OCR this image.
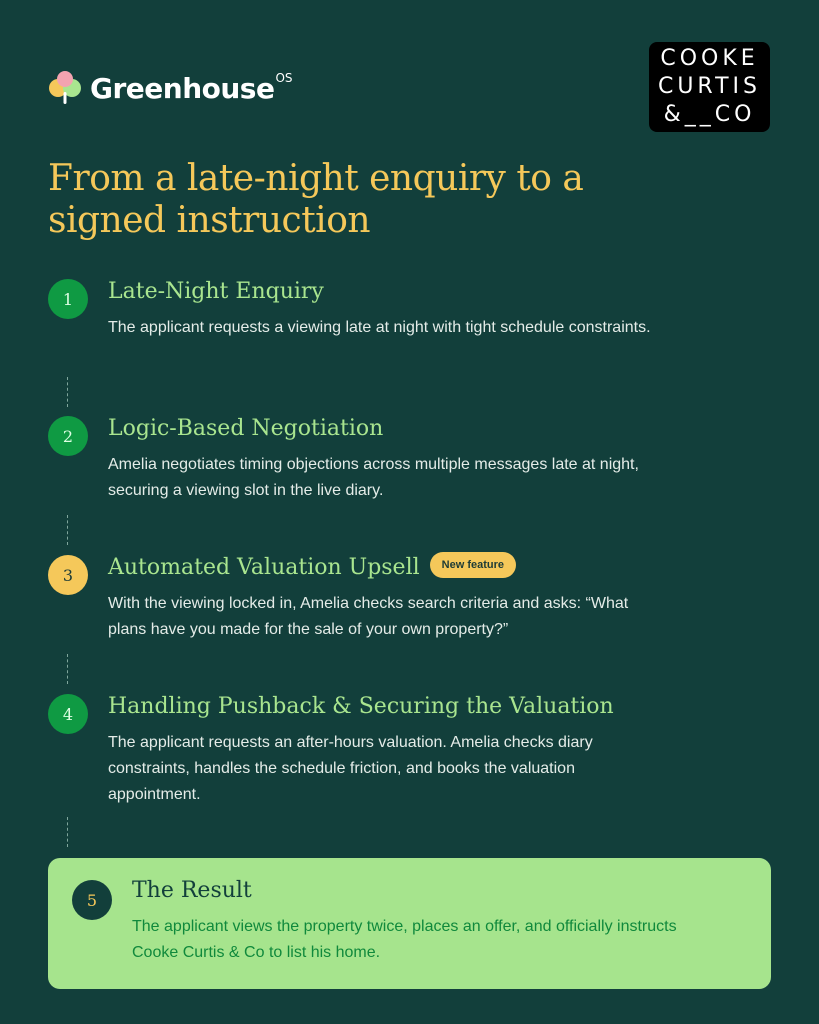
Greenhouse OS
COOKE
CURTIS
&__CO
From a late-night enquiry to a signed instruction
1	Late-Night Enquiry
The applicant requests a viewing late at night with tight schedule constraints.
2	Logic-Based Negotiation
Amelia negotiates timing objections across multiple messages late at night, securing a viewing slot in the live diary.
3	Automated Valuation Upsell New feature
With the viewing locked in, Amelia checks search criteria and asks: “What plans have you made for the sale of your own property?”
4	Handling Pushback & Securing the Valuation
The applicant requests an after-hours valuation. Amelia checks diary constraints, handles the schedule friction, and books the valuation appointment.
5	The Result
The applicant views the property twice, places an offer, and officially instructs Cooke Curtis & Co to list his home.
